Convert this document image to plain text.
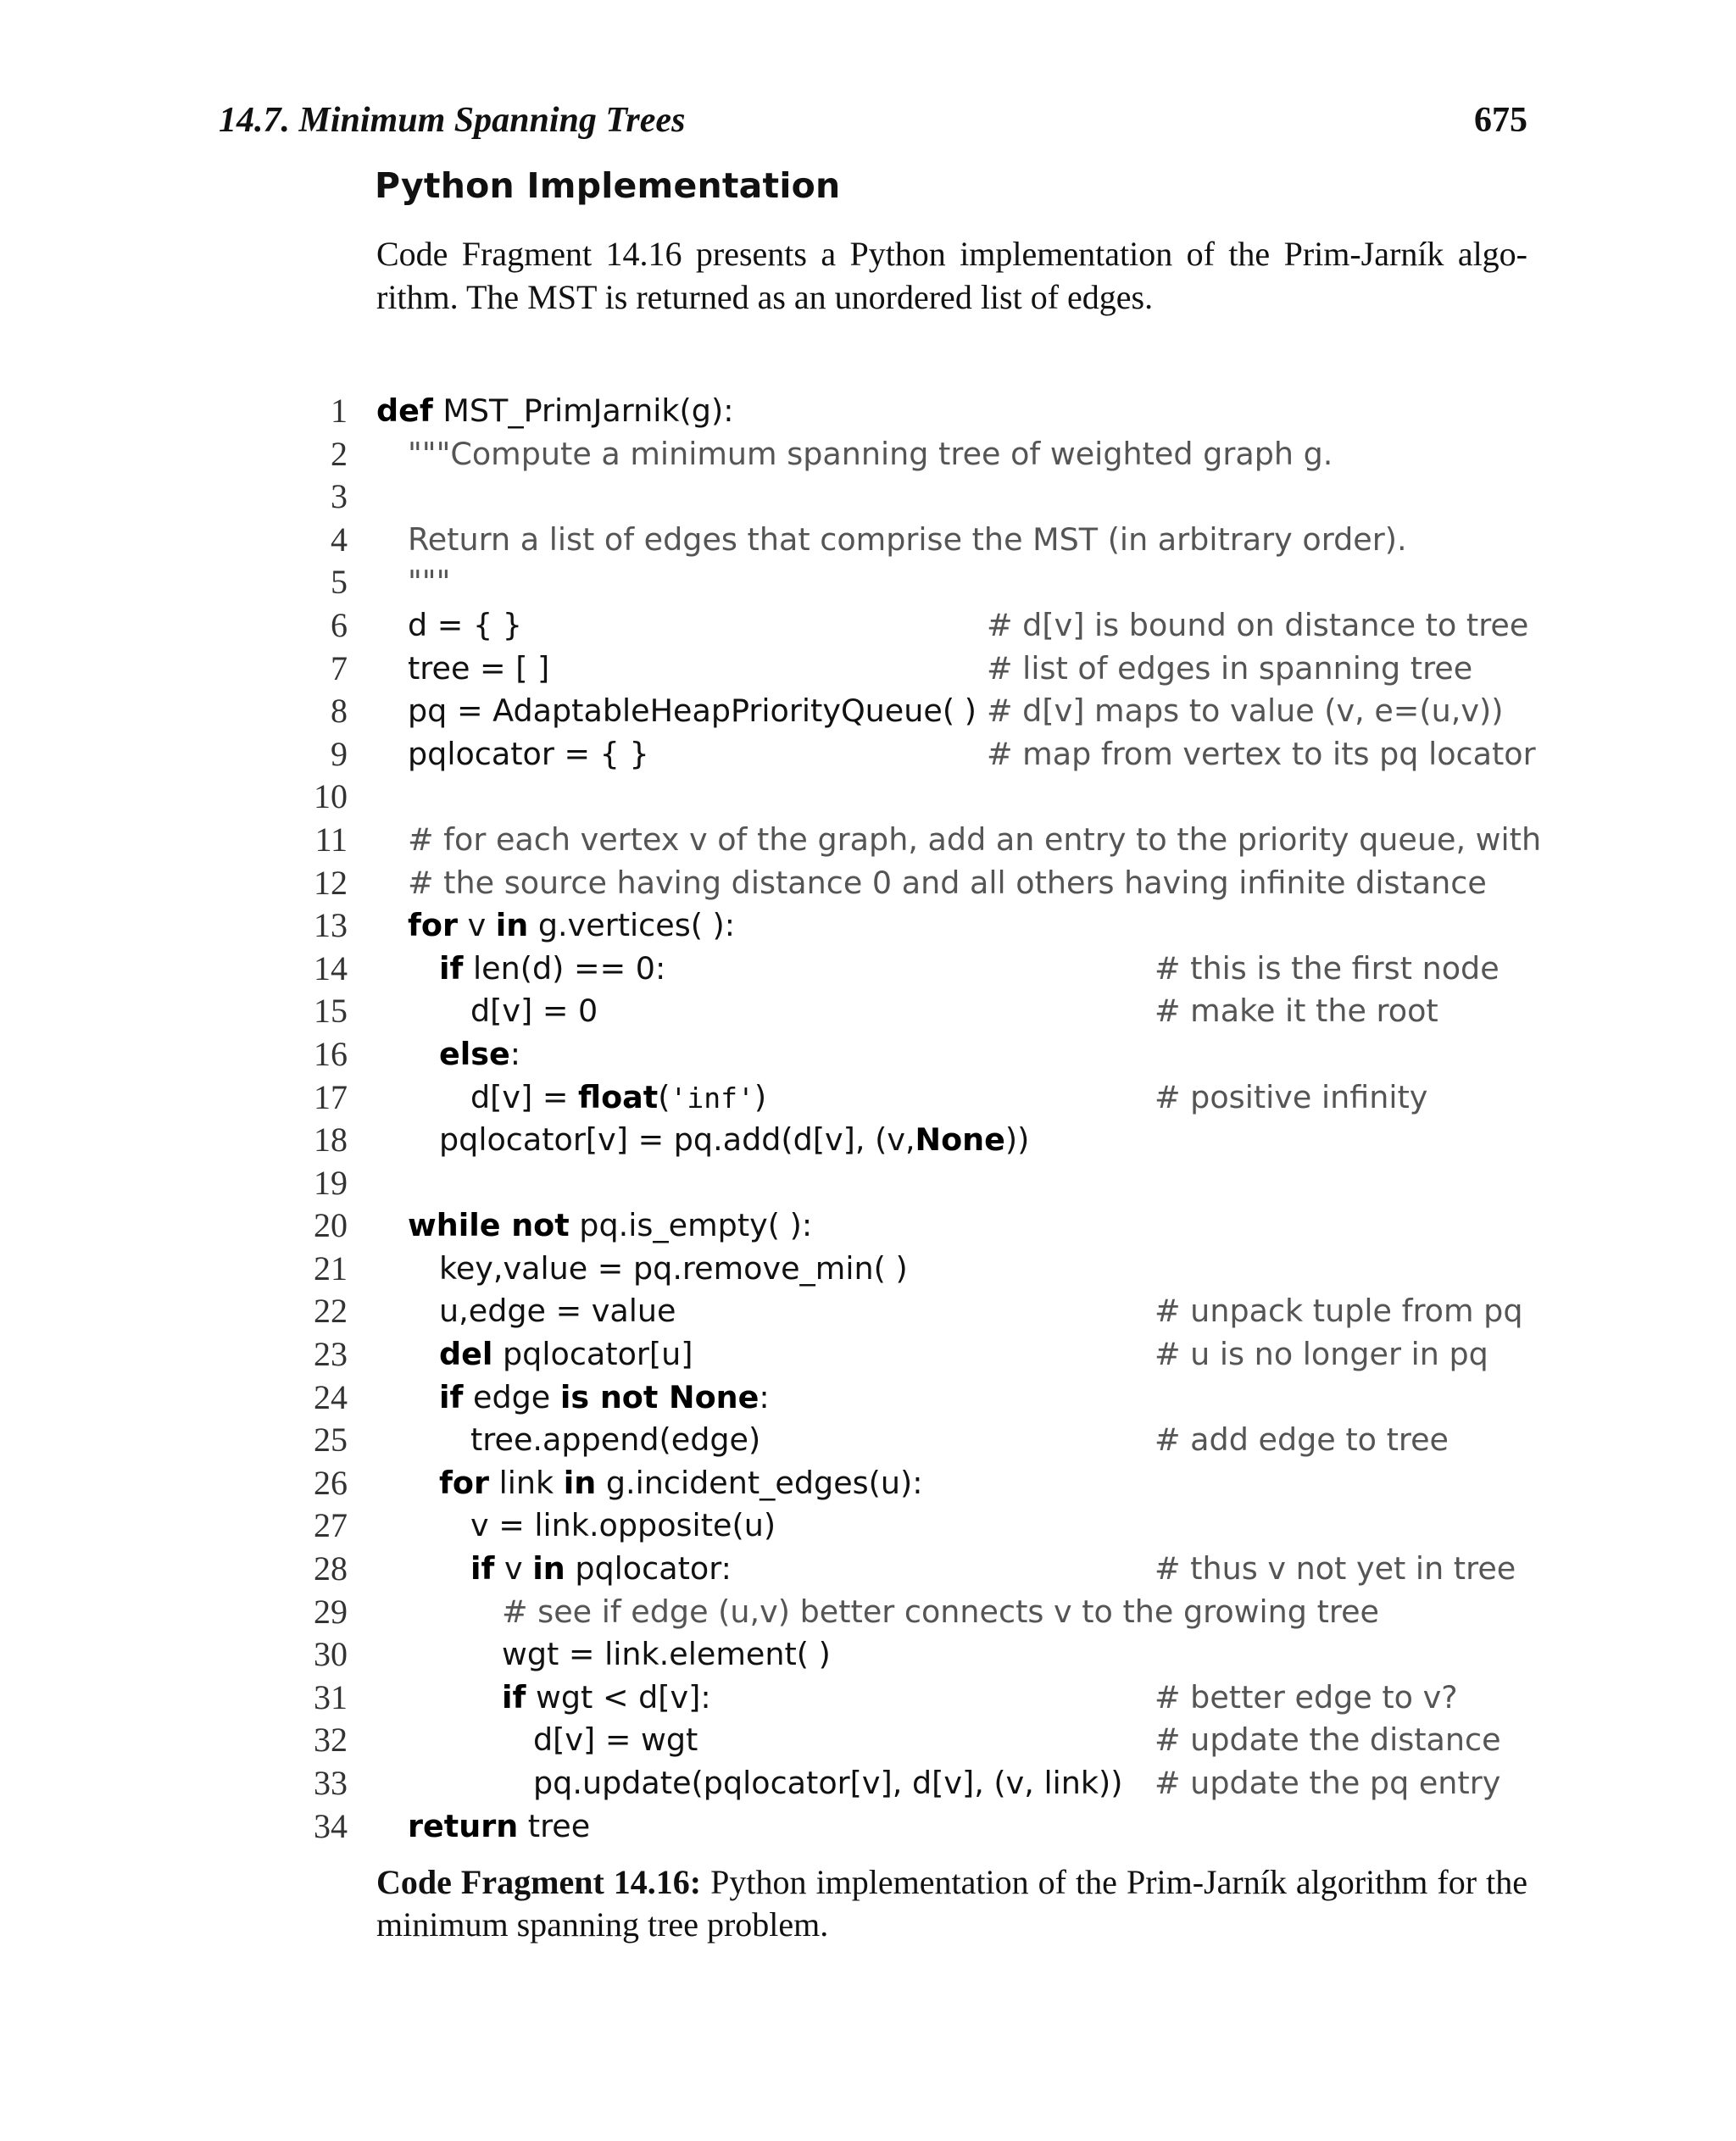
14.7. Minimum Spanning Trees	675
Python Implementation

Code Fragment 14.16 presents a Python implementation of the Prim-Jarník algo-
rithm. The MST is returned as an unordered list of edges.

1 def MST_PrimJarnik(g):
2 """Compute a minimum spanning tree of weighted graph g.
3
4 Return a list of edges that comprise the MST (in arbitrary order).
5 """
6 d = { }	# d[v] is bound on distance to tree
7 tree = [ ]	# list of edges in spanning tree
8 pq = AdaptableHeapPriorityQueue( ) # d[v] maps to value (v, e=(u,v))
9 pqlocator = { }	# map from vertex to its pq locator
10
11 # for each vertex v of the graph, add an entry to the priority queue, with
12 # the source having distance 0 and all others having infinite distance
13 for v in g.vertices( ):
14	if len(d) == 0:	# this is the first node
15	d[v] = 0	# make it the root
16	else:
17	d[v] = float('inf')	# positive infinity
18	pqlocator[v] = pq.add(d[v], (v,None))
19
20 while not pq.is_empty( ):
21	key,value = pq.remove_min( )
22	u,edge = value	# unpack tuple from pq
23	del pqlocator[u]	# u is no longer in pq
24	if edge is not None:
25	tree.append(edge)	# add edge to tree
26	for link in g.incident_edges(u):
27	v = link.opposite(u)
28	if v in pqlocator:	# thus v not yet in tree
29	# see if edge (u,v) better connects v to the growing tree
30	wgt = link.element( )
31	if wgt < d[v]:	# better edge to v?
32	d[v] = wgt	# update the distance
33	pq.update(pqlocator[v], d[v], (v, link)) # update the pq entry
34 return tree

Code Fragment 14.16: Python implementation of the Prim-Jarník algorithm for the
minimum spanning tree problem.
